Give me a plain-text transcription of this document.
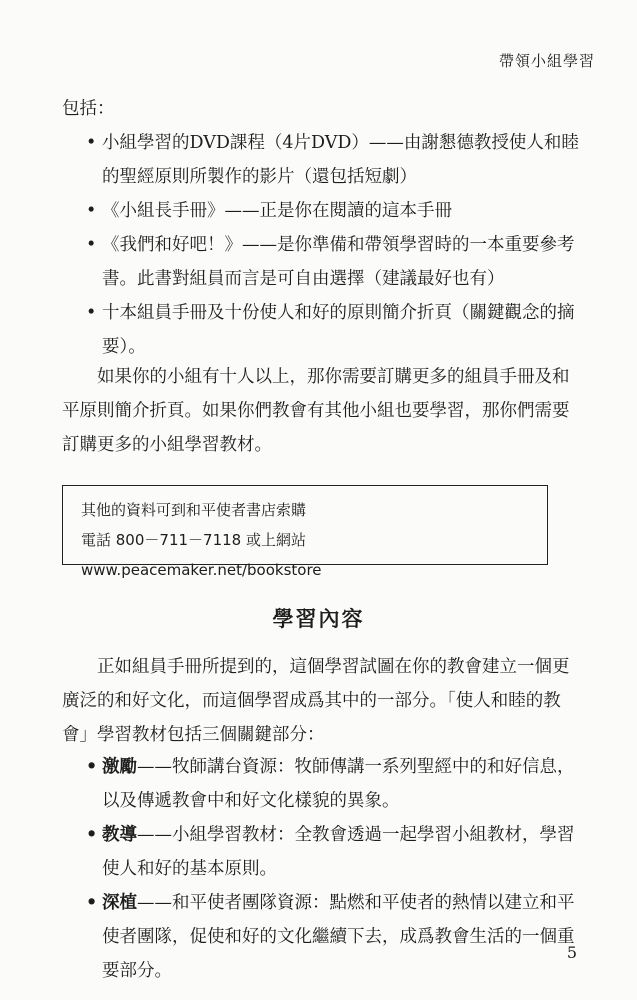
帶領小組學習
包括：
• 小組學習的DVD課程（4片DVD）——由謝懇德教授使人和睦的聖經原則所製作的影片（還包括短劇）
• 《小組長手冊》——正是你在閱讀的這本手冊
• 《我們和好吧！》——是你準備和帶領學習時的一本重要參考書。此書對組員而言是可自由選擇（建議最好也有）
• 十本組員手冊及十份使人和好的原則簡介折頁（關鍵觀念的摘要）。

如果你的小組有十人以上，那你需要訂購更多的組員手冊及和平原則簡介折頁。如果你們教會有其他小組也要學習，那你們需要訂購更多的小組學習教材。

其他的資料可到和平使者書店索購
電話 800－711－7118 或上網站 www.peacemaker.net/bookstore
學習內容

正如組員手冊所提到的，這個學習試圖在你的教會建立一個更廣泛的和好文化，而這個學習成爲其中的一部分。「使人和睦的教會」學習教材包括三個關鍵部分：

• 激勵——牧師講台資源：牧師傳講一系列聖經中的和好信息，以及傳遞教會中和好文化樣貌的異象。
• 教導——小組學習教材：全教會透過一起學習小組教材，學習使人和好的基本原則。
• 深植——和平使者團隊資源：點燃和平使者的熱情以建立和平使者團隊，促使和好的文化繼續下去，成爲教會生活的一個重要部分。
5
